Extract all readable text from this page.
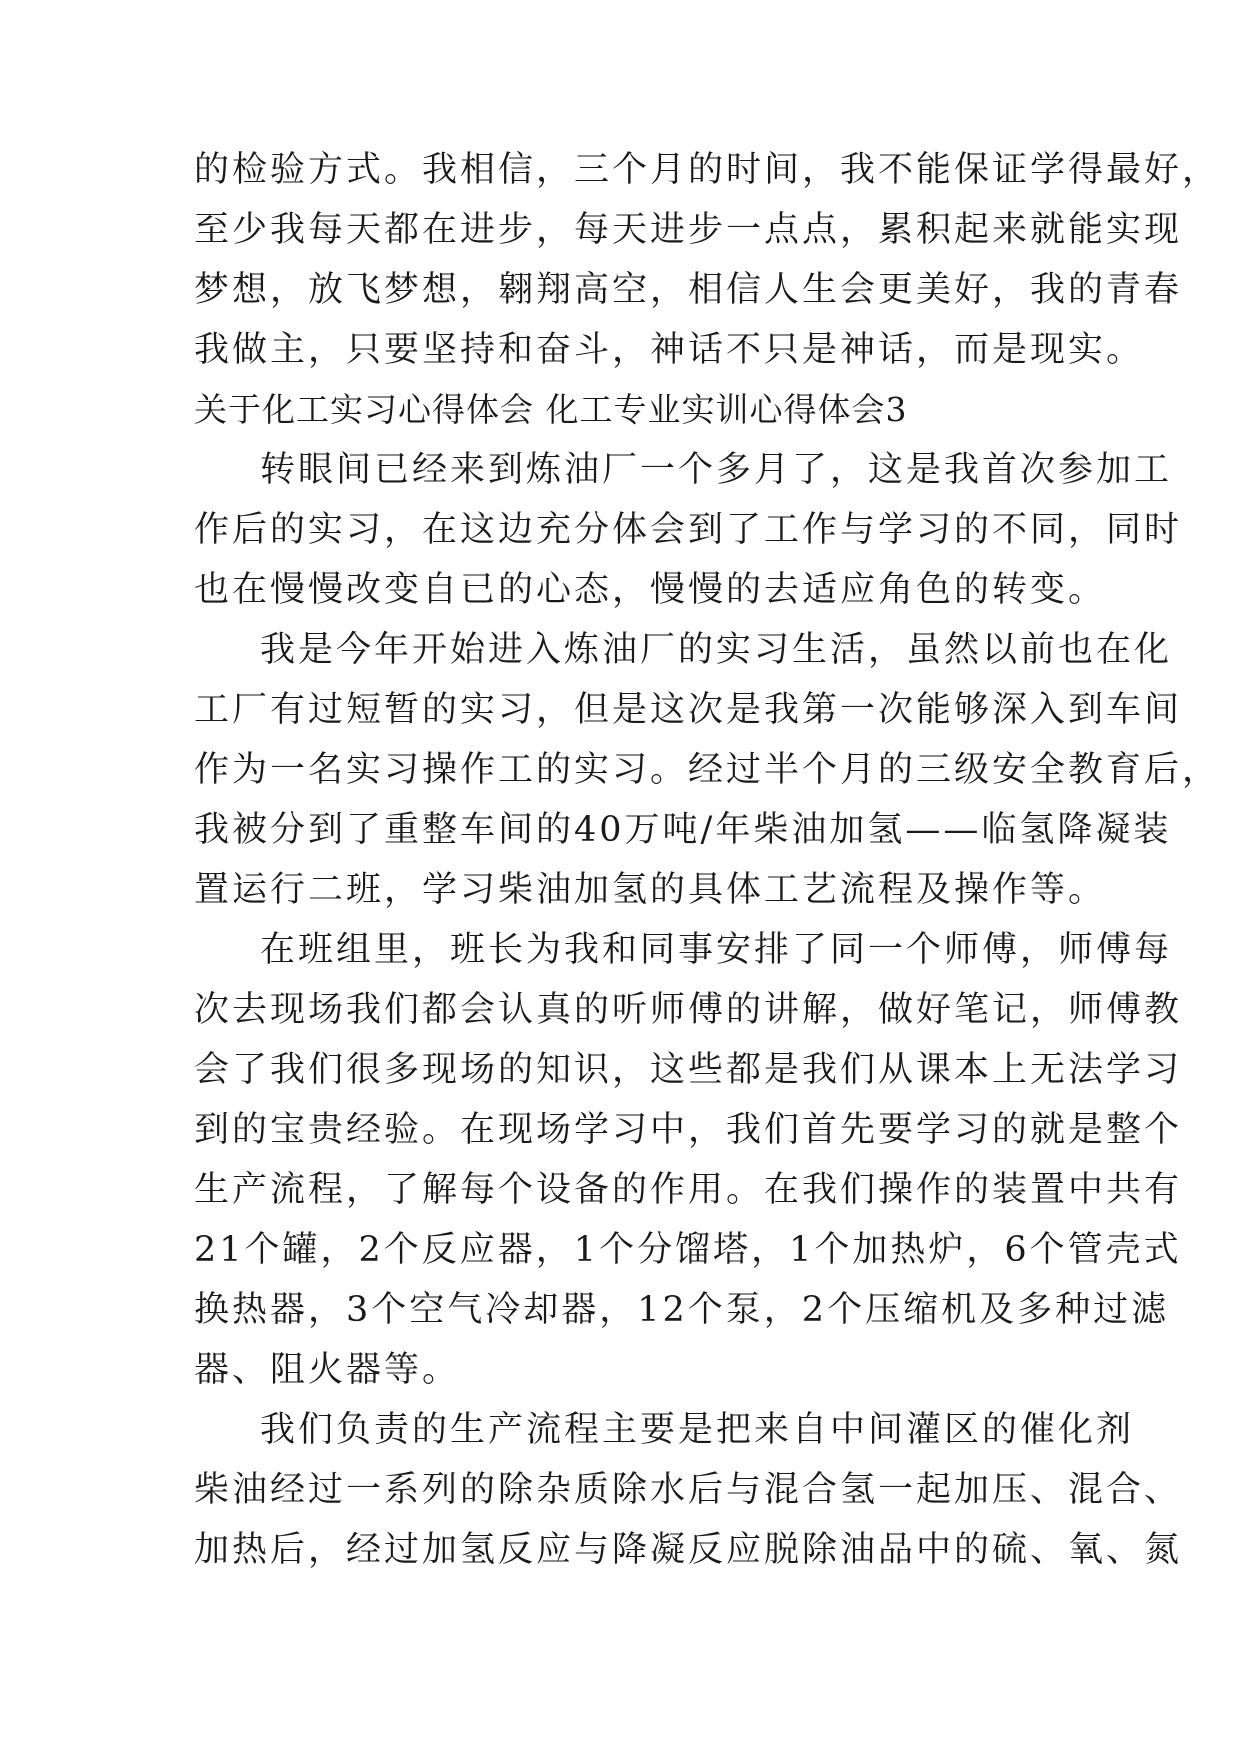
的检验方式。我相信，三个月的时间，我不能保证学得最好，
至少我每天都在进步，每天进步一点点，累积起来就能实现
梦想，放飞梦想，翱翔高空，相信人生会更美好，我的青春
我做主，只要坚持和奋斗，神话不只是神话，而是现实。
关于化工实习心得体会 化工专业实训心得体会3
转眼间已经来到炼油厂一个多月了，这是我首次参加工
作后的实习，在这边充分体会到了工作与学习的不同，同时
也在慢慢改变自已的心态，慢慢的去适应角色的转变。
我是今年开始进入炼油厂的实习生活，虽然以前也在化
工厂有过短暂的实习，但是这次是我第一次能够深入到车间
作为一名实习操作工的实习。经过半个月的三级安全教育后，
我被分到了重整车间的40万吨/年柴油加氢——临氢降凝装
置运行二班，学习柴油加氢的具体工艺流程及操作等。
在班组里，班长为我和同事安排了同一个师傅，师傅每
次去现场我们都会认真的听师傅的讲解，做好笔记，师傅教
会了我们很多现场的知识，这些都是我们从课本上无法学习
到的宝贵经验。在现场学习中，我们首先要学习的就是整个
生产流程，了解每个设备的作用。在我们操作的装置中共有
21个罐，2个反应器，1个分馏塔，1个加热炉，6个管壳式
换热器，3个空气冷却器，12个泵，2个压缩机及多种过滤
器、阻火器等。
我们负责的生产流程主要是把来自中间灌区的催化剂
柴油经过一系列的除杂质除水后与混合氢一起加压、混合、
加热后，经过加氢反应与降凝反应脱除油品中的硫、氧、氮
